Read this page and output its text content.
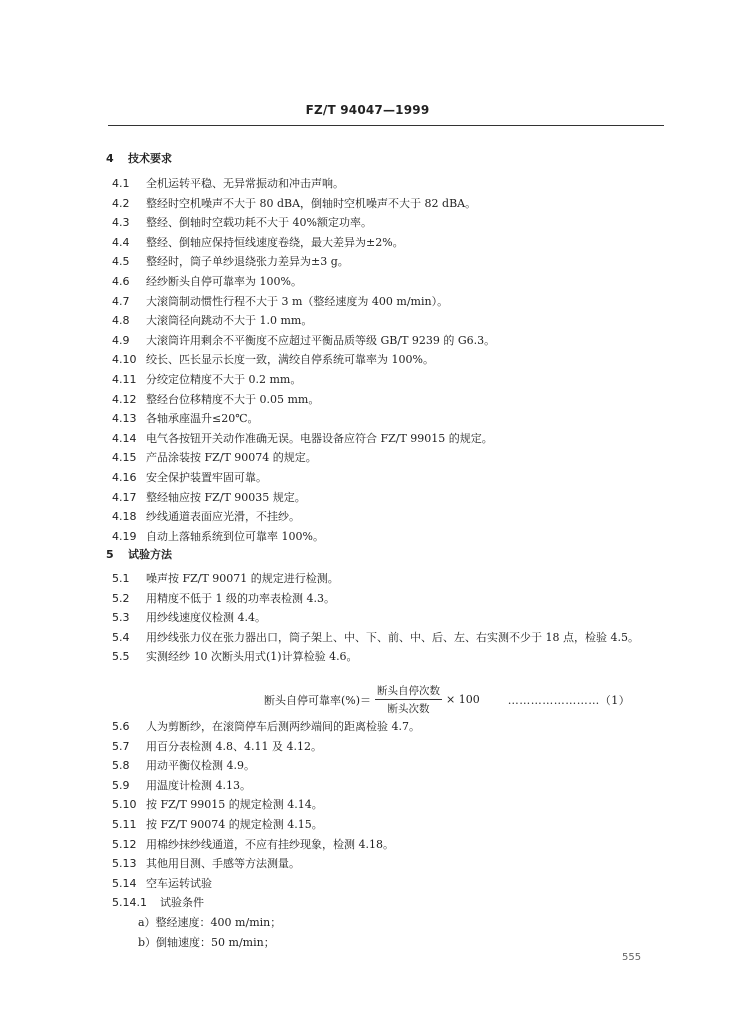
FZ/T 94047—1999
4 技术要求
4.1 全机运转平稳、无异常振动和冲击声响。
4.2 整经时空机噪声不大于 80 dBA，倒轴时空机噪声不大于 82 dBA。
4.3 整经、倒轴时空载功耗不大于 40%额定功率。
4.4 整经、倒轴应保持恒线速度卷绕，最大差异为±2%。
4.5 整经时，筒子单纱退绕张力差异为±3 g。
4.6 经纱断头自停可靠率为 100%。
4.7 大滚筒制动惯性行程不大于 3 m（整经速度为 400 m/min）。
4.8 大滚筒径向跳动不大于 1.0 mm。
4.9 大滚筒许用剩余不平衡度不应超过平衡品质等级 GB/T 9239 的 G6.3。
4.10 绞长、匹长显示长度一致，满绞自停系统可靠率为 100%。
4.11 分绞定位精度不大于 0.2 mm。
4.12 整经台位移精度不大于 0.05 mm。
4.13 各轴承座温升≤20℃。
4.14 电气各按钮开关动作准确无误。电器设备应符合 FZ/T 99015 的规定。
4.15 产品涂装按 FZ/T 90074 的规定。
4.16 安全保护装置牢固可靠。
4.17 整经轴应按 FZ/T 90035 规定。
4.18 纱线通道表面应光滑，不挂纱。
4.19 自动上落轴系统到位可靠率 100%。
5 试验方法
5.1 噪声按 FZ/T 90071 的规定进行检测。
5.2 用精度不低于 1 级的功率表检测 4.3。
5.3 用纱线速度仪检测 4.4。
5.4 用纱线张力仪在张力器出口，筒子架上、中、下、前、中、后、左、右实测不少于 18 点，检验 4.5。
5.5 实测经纱 10 次断头用式(1)计算检验 4.6。
断头自停可靠率(%)＝ $\frac{\text{断头自停次数}}{\text{断头次数}} \times 100$	……………………（1）
5.6 人为剪断纱，在滚筒停车后测两纱端间的距离检验 4.7。
5.7 用百分表检测 4.8、4.11 及 4.12。
5.8 用动平衡仪检测 4.9。
5.9 用温度计检测 4.13。
5.10 按 FZ/T 99015 的规定检测 4.14。
5.11 按 FZ/T 90074 的规定检测 4.15。
5.12 用棉纱抹纱线通道，不应有挂纱现象，检测 4.18。
5.13 其他用目测、手感等方法测量。
5.14 空车运转试验
5.14.1 试验条件
a）整经速度：400 m/min；
b）倒轴速度：50 m/min；
555
